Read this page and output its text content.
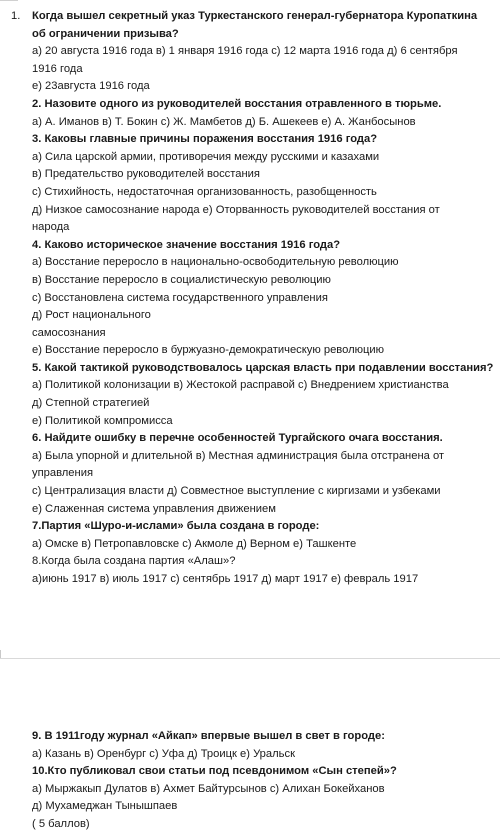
1. Когда вышел секретный указ Туркестанского генерал-губернатора Куропаткина
об ограничении призыва?
а) 20 августа 1916 года в) 1 января 1916 года с) 12 марта 1916 года д) 6 сентября
1916 года
е) 23августа 1916 года
2. Назовите одного из руководителей восстания отравленного в тюрьме.
а) А. Иманов в) Т. Бокин с) Ж. Мамбетов д) Б. Ашекеев е) А. Жанбосынов
3. Каковы главные причины поражения восстания 1916 года?
а) Сила царской армии, противоречия между русскими и казахами
в) Предательство руководителей восстания
с) Стихийность, недостаточная организованность, разобщенность
д) Низкое самосознание народа е) Оторванность руководителей восстания от
народа
4. Каково историческое значение восстания 1916 года?
а) Восстание переросло в национально-освободительную революцию
в) Восстание переросло в социалистическую революцию
с) Восстановлена система государственного управления
д) Рост национального
самосознания
е) Восстание переросло в буржуазно-демократическую революцию
5. Какой тактикой руководствовалось царская власть при подавлении восстания?
а) Политикой колонизации в) Жестокой расправой с) Внедрением христианства
д) Степной стратегией
е) Политикой компромисса
6. Найдите ошибку в перечне особенностей Тургайского очага восстания.
а) Была упорной и длительной в) Местная администрация была отстранена от
управления
с) Централизация власти д) Совместное выступление с киргизами и узбеками
е) Слаженная система управления движением
7.Партия «Шуро-и-ислами» была создана в городе:
а) Омске в) Петропавловске с) Акмоле д) Верном е) Ташкенте
8.Когда была создана партия «Алаш»?
а)июнь 1917 в) июль 1917 с) сентябрь 1917 д) март 1917 е) февраль 1917
9. В 1911году журнал «Айкап» впервые вышел в свет в городе:
а) Казань в) Оренбург с) Уфа д) Троицк е) Уральск
10.Кто публиковал свои статьи под псевдонимом «Сын степей»?
а) Мыржакып Дулатов в) Ахмет Байтурсынов с) Алихан Бокейханов
д) Мухамеджан Тынышпаев
( 5 баллов)
